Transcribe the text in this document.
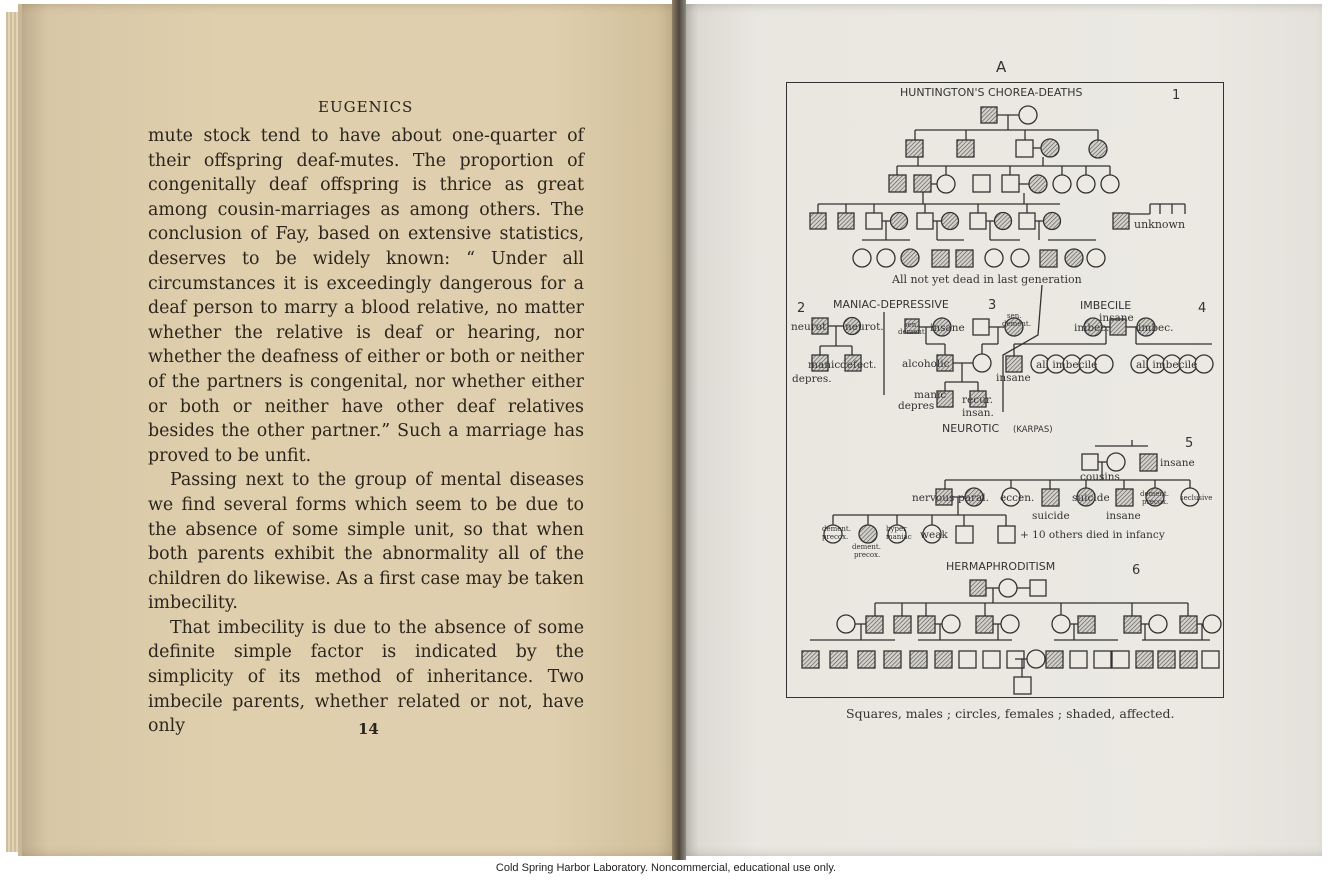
EUGENICS

mute stock tend to have about one-quarter of their offspring deaf-mutes. The proportion of congenitally deaf offspring is thrice as great among cousin-marriages as among others. The conclusion of Fay, based on extensive statistics, deserves to be widely known: “ Under all circumstances it is exceedingly dangerous for a deaf person to marry a blood relative, no matter whether the relative is deaf or hearing, nor whether the deafness of either or both or neither of the partners is congenital, nor whether either or both or neither have other deaf relatives besides the other partner.” Such a marriage has proved to be unfit.

Passing next to the group of mental diseases we find several forms which seem to be due to the absence of some simple unit, so that when both parents exhibit the abnormality all of the children do likewise. As a first case may be taken imbecility.

That imbecility is due to the absence of some definite simple factor is indicated by the simplicity of its method of inheritance. Two imbecile parents, whether related or not, have only	14
A
HUNTINGTON'S CHOREA-DEATHS	1
unknown
All not yet dead in last generation
2	MANIAC-DEPRESSIVE
neurot. neurot.
manic
depres.
defect.
3
sen.
dement. insane
sen.
dement.
alcoholic
insane
manic
depres	recur.
insan.
NEUROTIC (KARPAS)
IMBECILE	4
imbec.
insane
imbec.
all imbecile	all imbecile
5
insane
cousins
nervous paral. eccen.
suicide
suicide
insane
dement.
precox. seclusive
dement.
precox.
dement.
precox.
hyper
maniac weak	+ 10 others died in infancy
HERMAPHRODITISM	6
Squares, males ; circles, females ; shaded, affected.
Cold Spring Harbor Laboratory. Noncommercial, educational use only.
